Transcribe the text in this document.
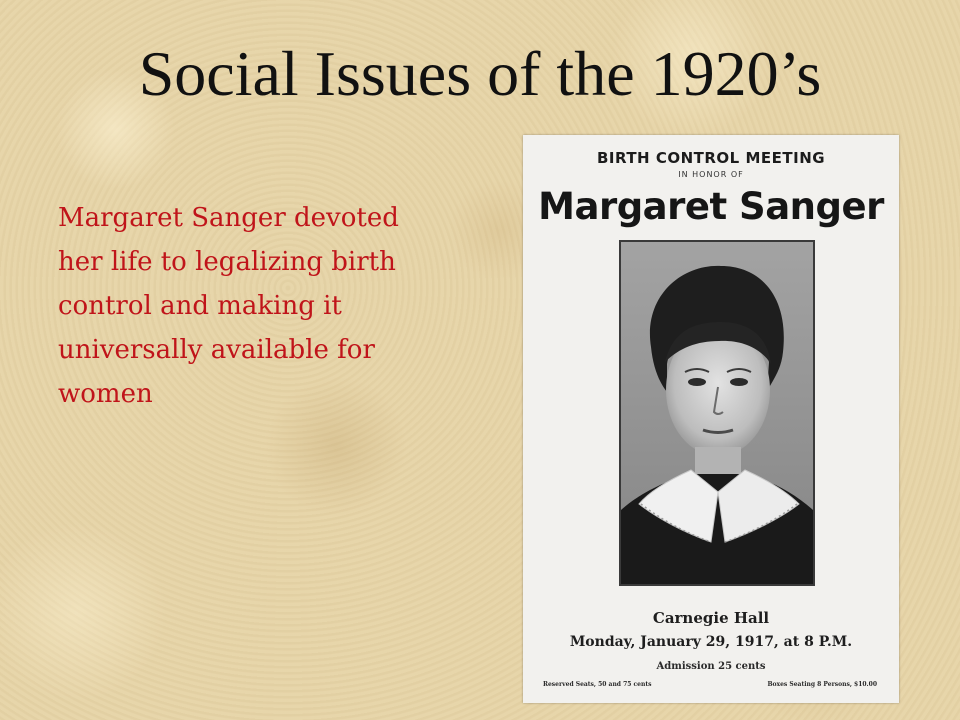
Social Issues of the 1920’s

Margaret Sanger devoted her life to legalizing birth control and making it universally available for women

BIRTH CONTROL MEETING
IN HONOR OF
Margaret Sanger
Carnegie Hall
Monday, January 29, 1917, at 8 P.M.
Admission 25 cents
Reserved Seats, 50 and 75 cents	Boxes Seating 8 Persons, $10.00
